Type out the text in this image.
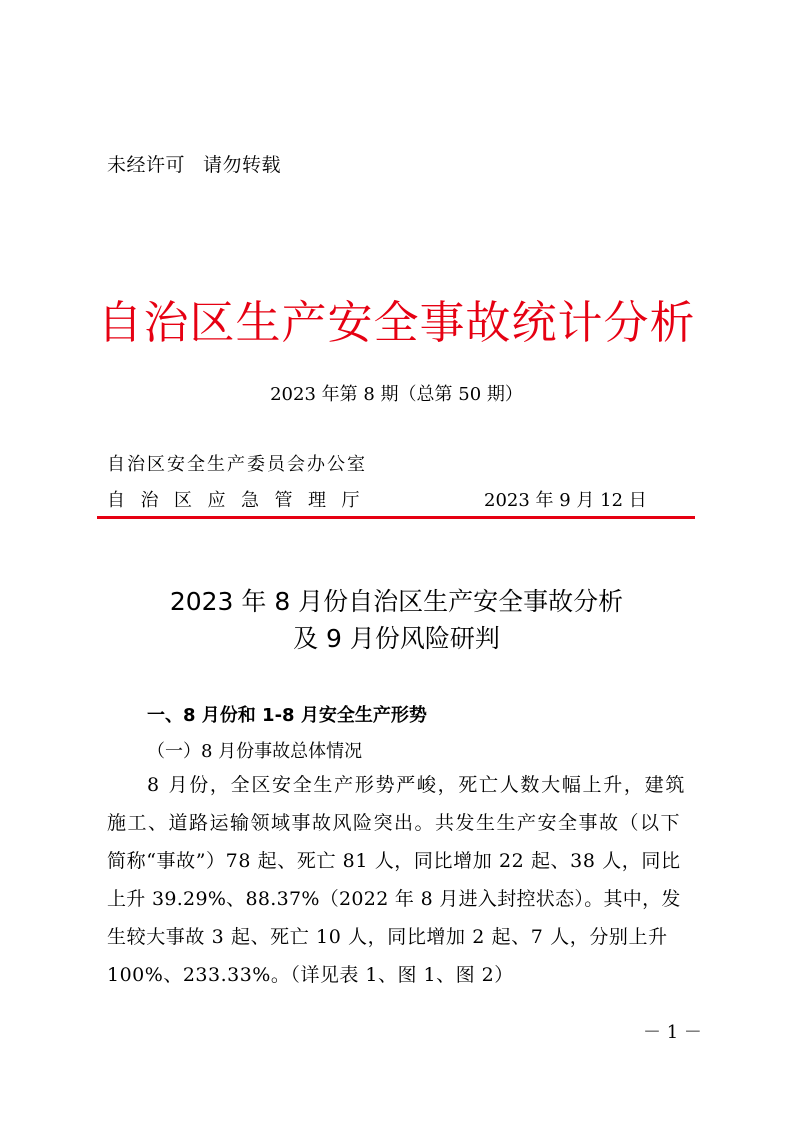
未经许可 请勿转载
自治区生产安全事故统计分析
2023 年第 8 期（总第 50 期）
自治区安全生产委员会办公室
自治区应急管理厅	2023 年 9 月 12 日
2023 年 8 月份自治区生产安全事故分析
及 9 月份风险研判
一、8 月份和 1-8 月安全生产形势
（一）8 月份事故总体情况
8 月份，全区安全生产形势严峻，死亡人数大幅上升，建筑
施工、道路运输领域事故风险突出。共发生生产安全事故（以下
简称“事故”）78 起、死亡 81 人，同比增加 22 起、38 人，同比
上升 39.29%、88.37%（2022 年 8 月进入封控状态）。其中，发
生较大事故 3 起、死亡 10 人，同比增加 2 起、7 人，分别上升
100%、233.33%。（详见表 1、图 1、图 2）
－ 1 －
